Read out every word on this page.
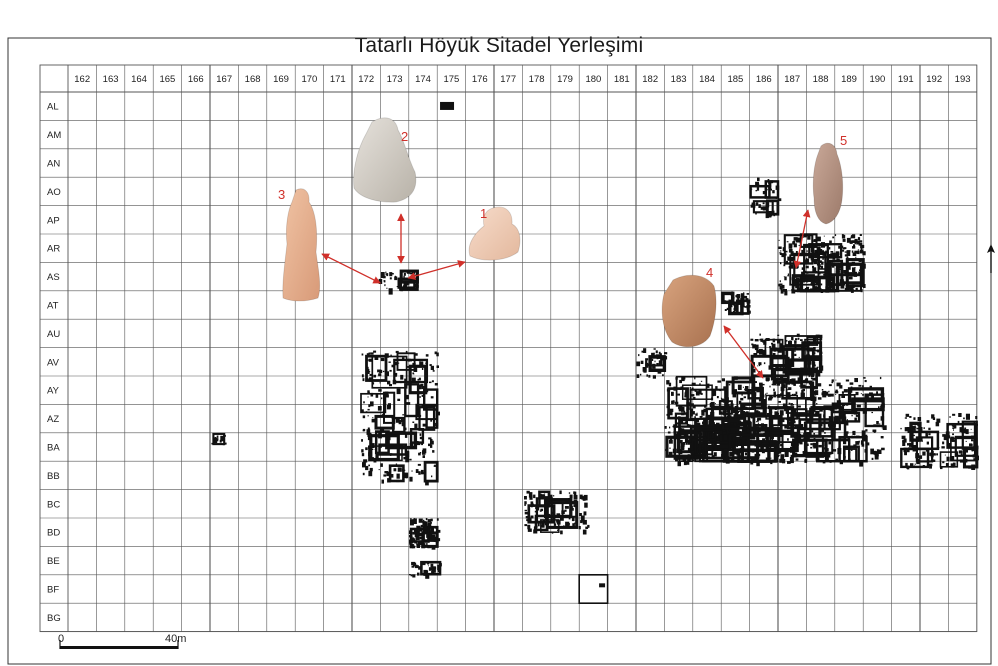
Tatarlı Höyük Sitadel Yerleşimi
162 163 164 165 166 167 168 169 170 171 172 173 174 175 176 177 178 179 180 181 182 183 184 185 186 187 188 189 190 191 192 193
AL
AM
AN
AO
AP
AR
AS
AT
AU
AV
AY
AZ
BA
BB
BC
BD
BE
BF
BG
1
2
3
4
5
0	40m
